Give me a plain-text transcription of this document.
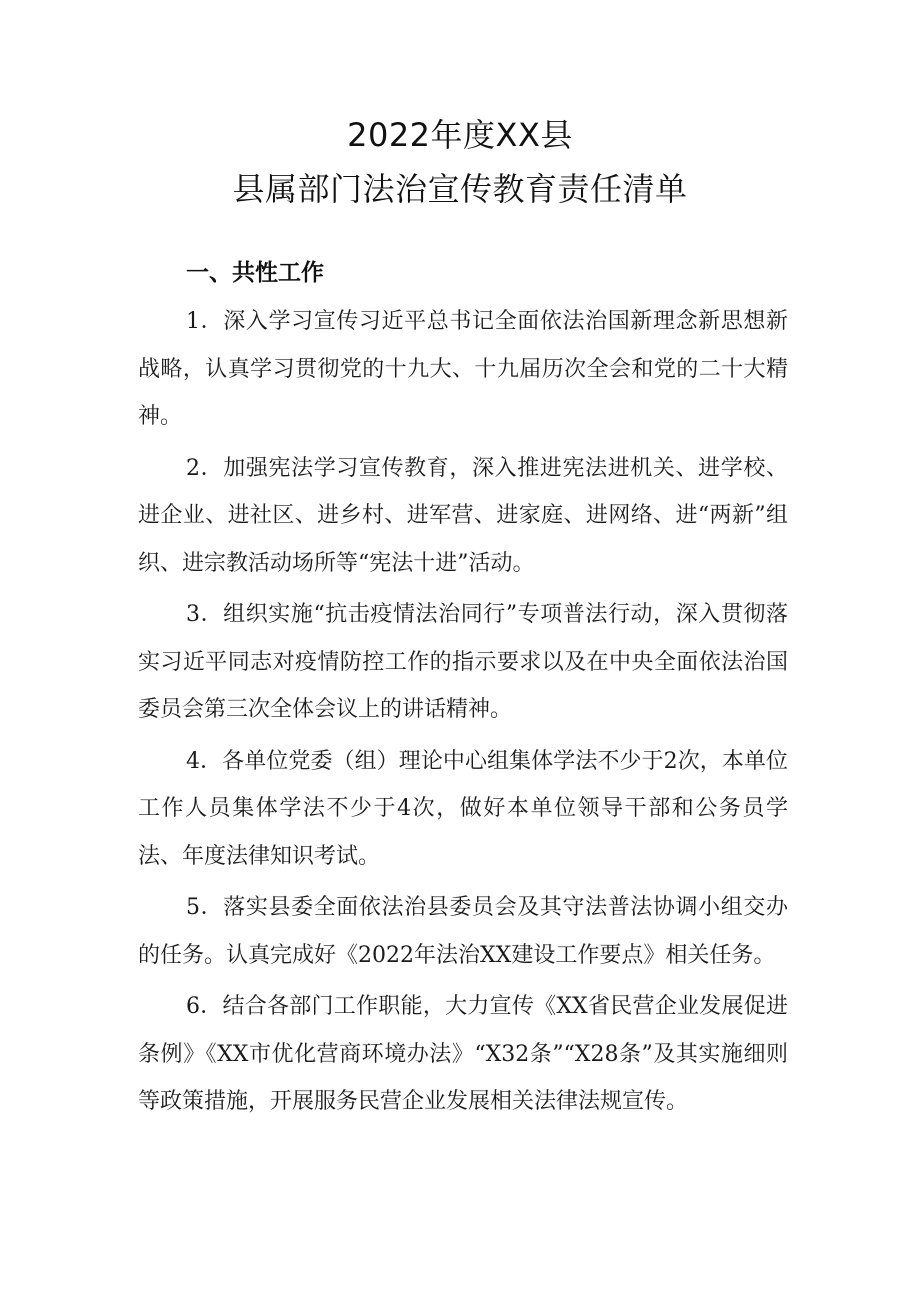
2022年度XX县
县属部门法治宣传教育责任清单
一、共性工作

1．深入学习宣传习近平总书记全面依法治国新理念新思想新战略，认真学习贯彻党的十九大、十九届历次全会和党的二十大精神。

2．加强宪法学习宣传教育，深入推进宪法进机关、进学校、进企业、进社区、进乡村、进军营、进家庭、进网络、进“两新”组织、进宗教活动场所等“宪法十进”活动。

3．组织实施“抗击疫情法治同行”专项普法行动，深入贯彻落实习近平同志对疫情防控工作的指示要求以及在中央全面依法治国委员会第三次全体会议上的讲话精神。

4．各单位党委（组）理论中心组集体学法不少于2次，本单位工作人员集体学法不少于4次，做好本单位领导干部和公务员学法、年度法律知识考试。

5．落实县委全面依法治县委员会及其守法普法协调小组交办的任务。认真完成好《2022年法治XX建设工作要点》相关任务。

6．结合各部门工作职能，大力宣传《XX省民营企业发展促进条例》《XX市优化营商环境办法》“X32条”“X28条”及其实施细则等政策措施，开展服务民营企业发展相关法律法规宣传。
